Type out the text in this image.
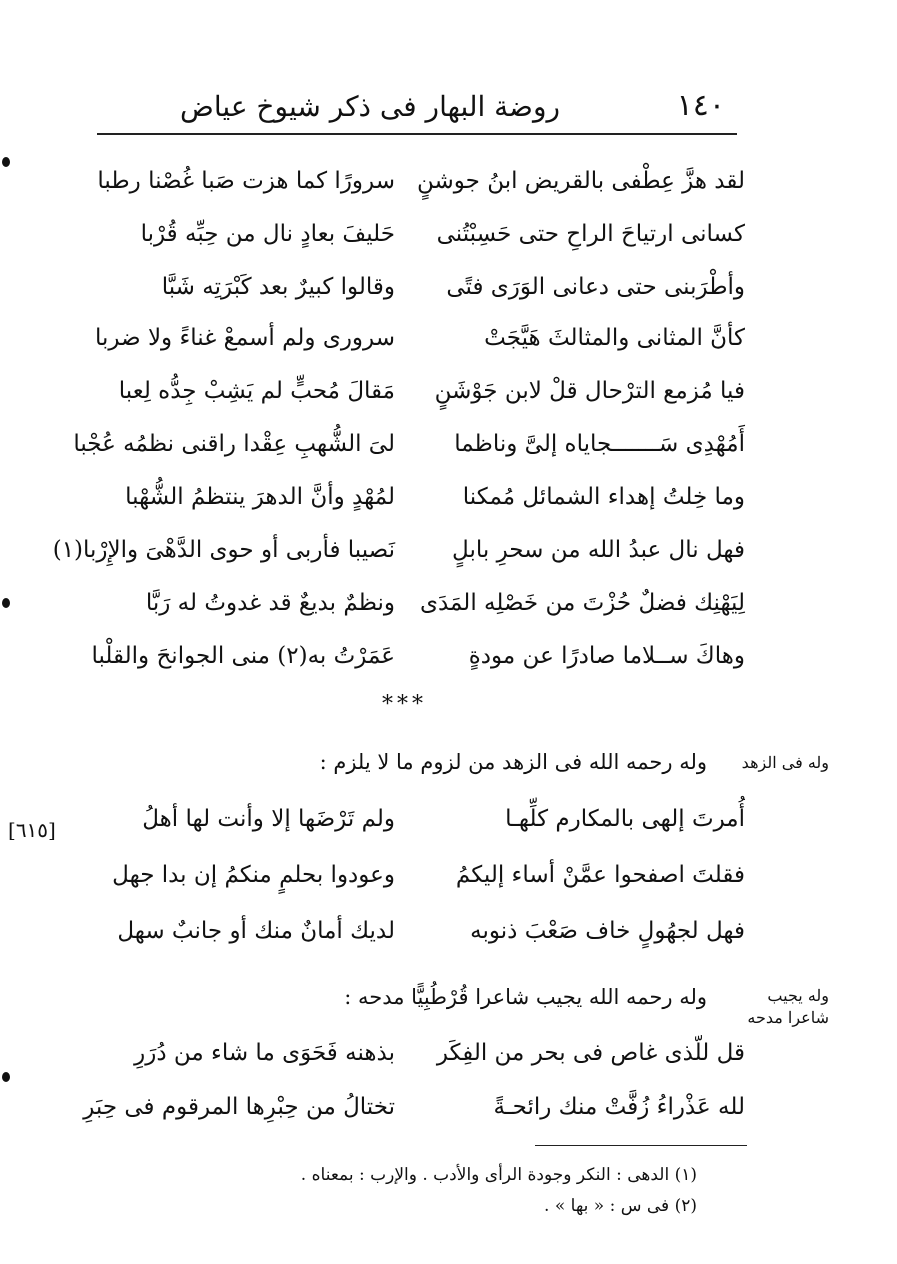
١٤٠
روضة البهار فى ذكر شيوخ عياض
لقد هزَّ عِطْفى بالقريض ابنُ جوشنٍ
سرورًا كما هزت صَبا غُصْنا رطبا
كسانى ارتياحَ الراحِ حتى حَسِبْتُنى
حَليفَ بعادٍ نال من حِبِّه قُرْبا
وأطْرَبنى حتى دعانى الوَرَى فتًى
وقالوا كبيرٌ بعد كَبْرَتِه شَبَّا
كأنَّ المثانى والمثالثَ هَيَّجَتْ
سرورى ولم أسمعْ غناءً ولا ضربا
فيا مُزمع الترْحال قلْ لابن جَوْشَنٍ
مَقالَ مُحبٍّ لم يَشِبْ جِدُّه لِعبا
أَمُهْدِى سَـــــــجاياه إلىَّ وناظما
لىَ الشُّهبِ عِقْدا راقنى نظمُه عُجْبا
وما خِلتُ إهداء الشمائل مُمكنا
لمُهْدٍ وأنَّ الدهرَ ينتظمُ الشُّهْبا
فهل نال عبدُ الله من سحرِ بابلٍ
نَصيبا فأربى أو حوى الدَّهْىَ والإِرْبا(١)
لِيَهْنِك فضلٌ حُزْتَ من خَصْلِه المَدَى
ونظمٌ بديعٌ قد غدوتُ له رَبَّا
وهاكَ ســلاما صادرًا عن مودةٍ
عَمَرْتُ به(٢) منى الجوانحَ والقلْبا
***
وله فى الزهد
وله رحمه الله فى الزهد من لزوم ما لا يلزم :
[٦١٥]	أُمرتَ إلهى بالمكارم كلِّهـا
ولم تَرْضَها إلا وأنت لها أهلُ
فقلتَ اصفحوا عمَّنْ أساء إليكمُ
وعودوا بحلمٍ منكمُ إن بدا جهل
فهل لجهُولٍ خاف صَعْبَ ذنوبه
لديك أمانٌ منك أو جانبٌ سهل
وله يجيب
شاعرا مدحه
وله رحمه الله يجيب شاعرا قُرْطُبِيًّا مدحه :
قل للّذى غاص فى بحر من الفِكَر
بذهنه فَحَوَى ما شاء من دُرَرِ
لله عَذْراءُ زُفَّتْ منك رائحـةً
تختالُ من حِبْرِها المرقوم فى حِبَرِ
(١) الدهى : النكر وجودة الرأى والأدب . والإرب : بمعناه .
(٢) فى س : « بها » .
